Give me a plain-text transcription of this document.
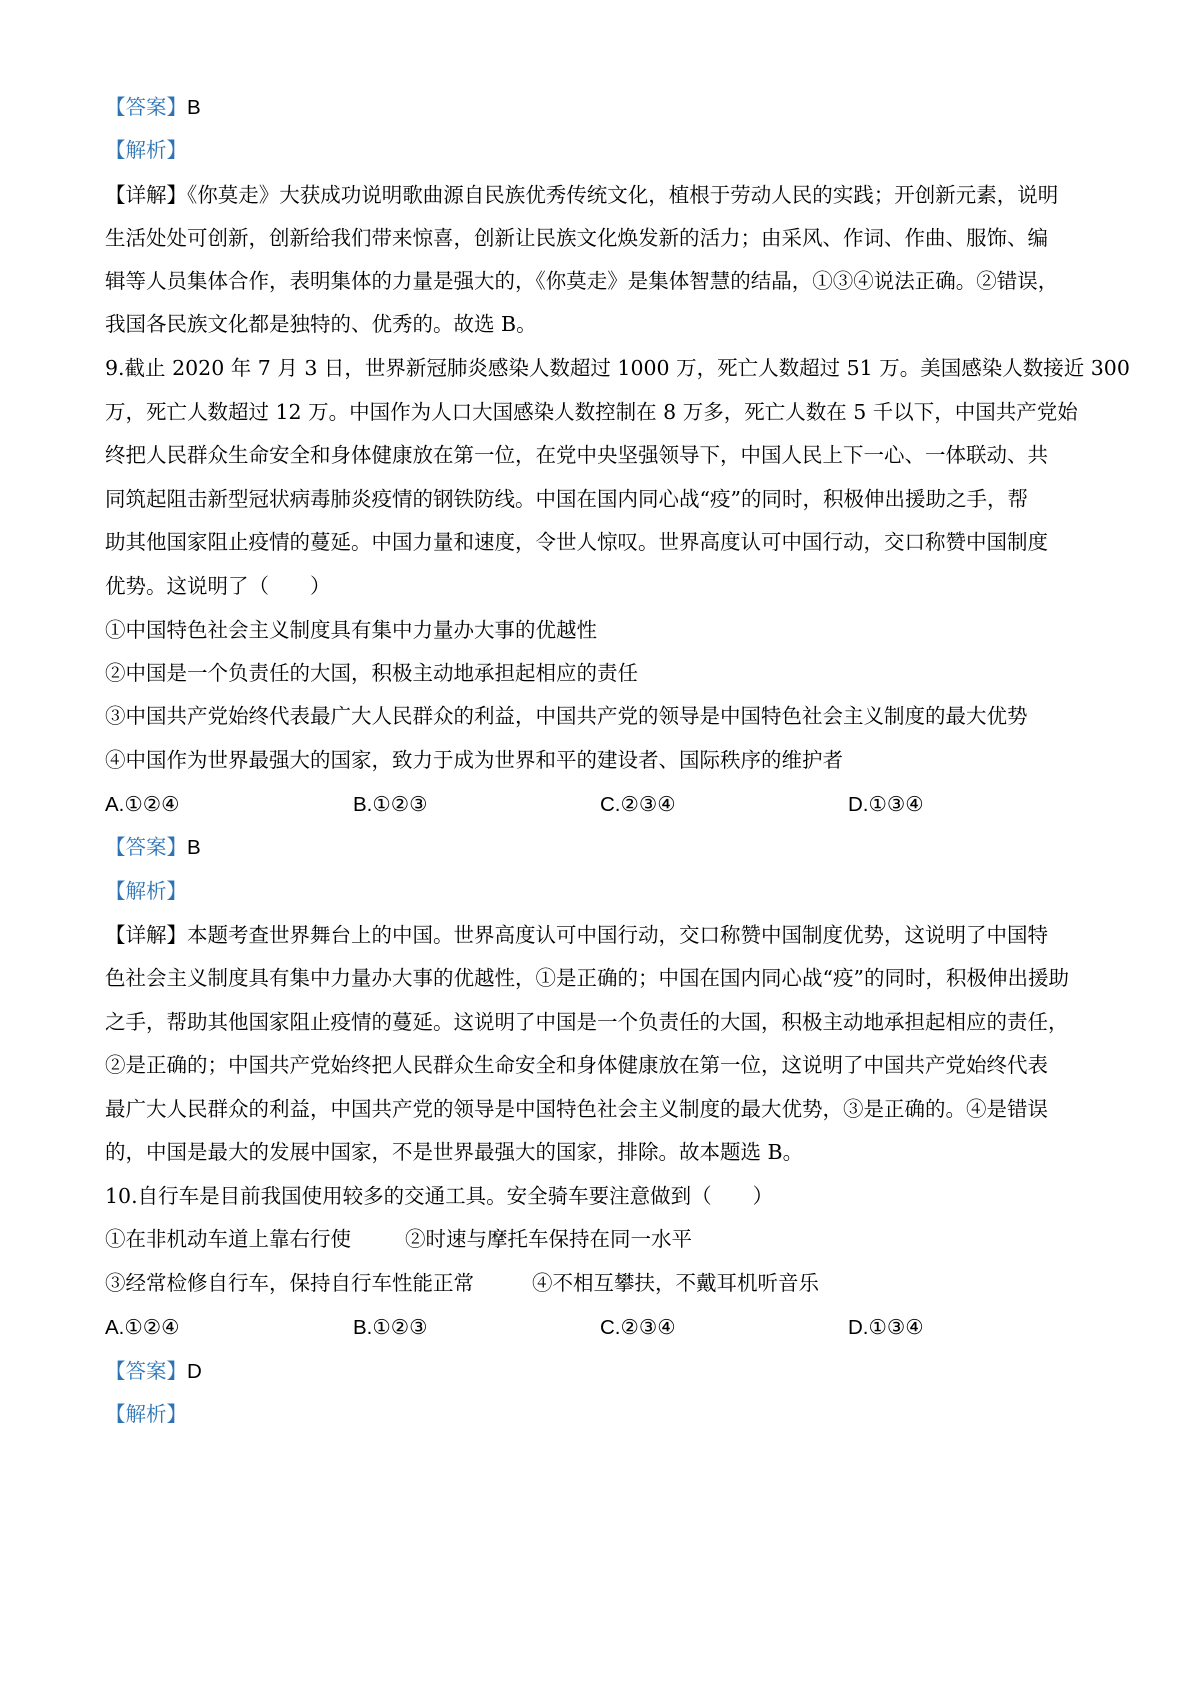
【答案】B
【解析】
【详解】《你莫走》大获成功说明歌曲源自民族优秀传统文化，植根于劳动人民的实践；开创新元素，说明
生活处处可创新，创新给我们带来惊喜，创新让民族文化焕发新的活力；由采风、作词、作曲、服饰、编
辑等人员集体合作，表明集体的力量是强大的，《你莫走》是集体智慧的结晶，①③④说法正确。②错误，
我国各民族文化都是独特的、优秀的。故选 B。
9.截止 2020 年 7 月 3 日，世界新冠肺炎感染人数超过 1000 万，死亡人数超过 51 万。美国感染人数接近 300
万，死亡人数超过 12 万。中国作为人口大国感染人数控制在 8 万多，死亡人数在 5 千以下，中国共产党始
终把人民群众生命安全和身体健康放在第一位，在党中央坚强领导下，中国人民上下一心、一体联动、共
同筑起阻击新型冠状病毒肺炎疫情的钢铁防线。中国在国内同心战“疫”的同时，积极伸出援助之手，帮
助其他国家阻止疫情的蔓延。中国力量和速度，令世人惊叹。世界高度认可中国行动，交口称赞中国制度
优势。这说明了（　　）
①中国特色社会主义制度具有集中力量办大事的优越性
②中国是一个负责任的大国，积极主动地承担起相应的责任
③中国共产党始终代表最广大人民群众的利益，中国共产党的领导是中国特色社会主义制度的最大优势
④中国作为世界最强大的国家，致力于成为世界和平的建设者、国际秩序的维护者
A.①②④	B.①②③	C.②③④	D.①③④
【答案】B
【解析】
【详解】本题考查世界舞台上的中国。世界高度认可中国行动，交口称赞中国制度优势，这说明了中国特
色社会主义制度具有集中力量办大事的优越性，①是正确的；中国在国内同心战“疫”的同时，积极伸出援助
之手，帮助其他国家阻止疫情的蔓延。这说明了中国是一个负责任的大国，积极主动地承担起相应的责任，
②是正确的；中国共产党始终把人民群众生命安全和身体健康放在第一位，这说明了中国共产党始终代表
最广大人民群众的利益，中国共产党的领导是中国特色社会主义制度的最大优势，③是正确的。④是错误
的，中国是最大的发展中国家，不是世界最强大的国家，排除。故本题选 B。
10.自行车是目前我国使用较多的交通工具。安全骑车要注意做到（　　）
①在非机动车道上靠右行使	②时速与摩托车保持在同一水平
③经常检修自行车，保持自行车性能正常	④不相互攀扶，不戴耳机听音乐
A.①②④	B.①②③	C.②③④	D.①③④
【答案】D
【解析】
